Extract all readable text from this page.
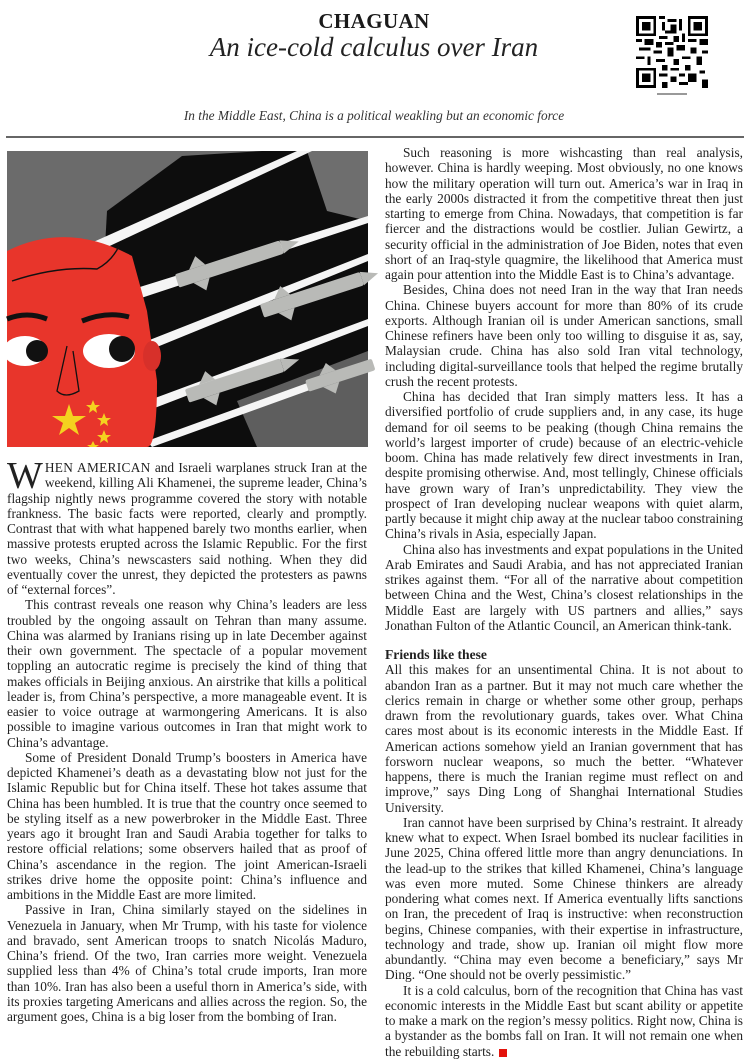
CHAGUAN
An ice-cold calculus over Iran
In the Middle East, China is a political weakling but an economic force

WHEN AMERICAN and Israeli warplanes struck Iran at the weekend, killing Ali Khamenei, the supreme leader, China’s flagship nightly news programme covered the story with notable frankness. The basic facts were reported, clearly and promptly. Contrast that with what happened barely two months earlier, when massive protests erupted across the Islamic Republic. For the first two weeks, China’s newscasters said nothing. When they did eventually cover the unrest, they depicted the protesters as pawns of “external forces”.

This contrast reveals one reason why China’s leaders are less troubled by the ongoing assault on Tehran than many assume. China was alarmed by Iranians rising up in late December against their own government. The spectacle of a popular movement toppling an autocratic regime is precisely the kind of thing that makes officials in Beijing anxious. An airstrike that kills a political leader is, from China’s perspective, a more manageable event. It is easier to voice outrage at warmongering Americans. It is also possible to imagine various outcomes in Iran that might work to China’s advantage.

Some of President Donald Trump’s boosters in America have depicted Khamenei’s death as a devastating blow not just for the Islamic Republic but for China itself. These hot takes assume that China has been humbled. It is true that the country once seemed to be styling itself as a new powerbroker in the Middle East. Three years ago it brought Iran and Saudi Arabia together for talks to restore official relations; some observers hailed that as proof of China’s ascendance in the region. The joint American-Israeli strikes drive home the opposite point: China’s influence and ambitions in the Middle East are more limited.

Passive in Iran, China similarly stayed on the sidelines in Venezuela in January, when Mr Trump, with his taste for violence and bravado, sent American troops to snatch Nicolás Maduro, China’s friend. Of the two, Iran carries more weight. Venezuela supplied less than 4% of China’s total crude imports, Iran more than 10%. Iran has also been a useful thorn in America’s side, with its proxies targeting Americans and allies across the region. So, the argument goes, China is a big loser from the bombing of Iran.

Such reasoning is more wishcasting than real analysis, however. China is hardly weeping. Most obviously, no one knows how the military operation will turn out. America’s war in Iraq in the early 2000s distracted it from the competitive threat then just starting to emerge from China. Nowadays, that competition is far fiercer and the distractions would be costlier. Julian Gewirtz, a security official in the administration of Joe Biden, notes that even short of an Iraq-style quagmire, the likelihood that America must again pour attention into the Middle East is to China’s advantage.

Besides, China does not need Iran in the way that Iran needs China. Chinese buyers account for more than 80% of its crude exports. Although Iranian oil is under American sanctions, small Chinese refiners have been only too willing to disguise it as, say, Malaysian crude. China has also sold Iran vital technology, including digital-surveillance tools that helped the regime brutally crush the recent protests.

China has decided that Iran simply matters less. It has a diversified portfolio of crude suppliers and, in any case, its huge demand for oil seems to be peaking (though China remains the world’s largest importer of crude) because of an electric-vehicle boom. China has made relatively few direct investments in Iran, despite promising otherwise. And, most tellingly, Chinese officials have grown wary of Iran’s unpredictability. They view the prospect of Iran developing nuclear weapons with quiet alarm, partly because it might chip away at the nuclear taboo constraining China’s rivals in Asia, especially Japan.

China also has investments and expat populations in the United Arab Emirates and Saudi Arabia, and has not appreciated Iranian strikes against them. “For all of the narrative about competition between China and the West, China’s closest relationships in the Middle East are largely with US partners and allies,” says Jonathan Fulton of the Atlantic Council, an American think-tank.

Friends like these

All this makes for an unsentimental China. It is not about to abandon Iran as a partner. But it may not much care whether the clerics remain in charge or whether some other group, perhaps drawn from the revolutionary guards, takes over. What China cares most about is its economic interests in the Middle East. If American actions somehow yield an Iranian government that has forsworn nuclear weapons, so much the better. “Whatever happens, there is much the Iranian regime must reflect on and improve,” says Ding Long of Shanghai International Studies University.

Iran cannot have been surprised by China’s restraint. It already knew what to expect. When Israel bombed its nuclear facilities in June 2025, China offered little more than angry denunciations. In the lead-up to the strikes that killed Khamenei, China’s language was even more muted. Some Chinese thinkers are already pondering what comes next. If America eventually lifts sanctions on Iran, the precedent of Iraq is instructive: when reconstruction begins, Chinese companies, with their expertise in infrastructure, technology and trade, show up. Iranian oil might flow more abundantly. “China may even become a beneficiary,” says Mr Ding. “One should not be overly pessimistic.”

It is a cold calculus, born of the recognition that China has vast economic interests in the Middle East but scant ability or appetite to make a mark on the region’s messy politics. Right now, China is a bystander as the bombs fall on Iran. It will not remain one when the rebuilding starts.
